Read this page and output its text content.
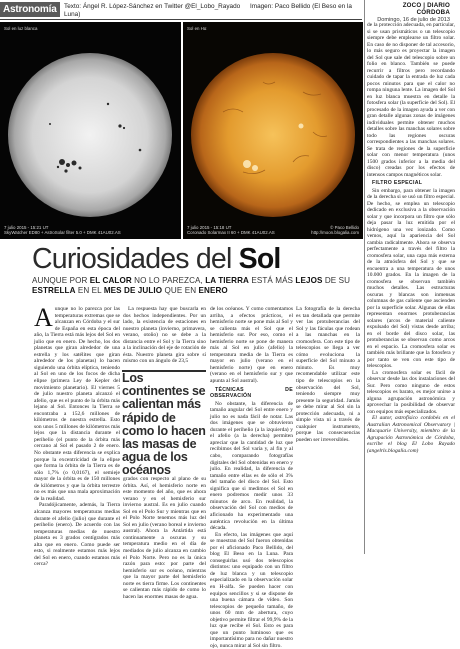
Astronomía	Texto: Ángel R. López-Sánchez en Twitter @El_Lobo_Rayado Imagen: Paco Bellido (El Beso en la Luna)
ZOCO | DIARIO CÓRDOBA
Domingo, 16 de julio de 2013
Sol en luz blanca
7 julio 2015 - 15:21 UT
SkyWatcher ED80 + AstroSolar filter 5.0 + DMK 41AU02.AS
Sol en Hα
7 julio 2015 - 15:18 UT
Coronado Solarmax II 60 + DMK 41AU02.AS
© Paco Bellido
http://moon.blogalia.com
Curiosidades del Sol
AUNQUE POR EL CALOR NO LO PAREZCA, LA TIERRA ESTÁ MÁS LEJOS DE SU ESTRELLA EN EL MES DE JULIO QUE EN ENERO

Aunque no lo parezca por las temperaturas extremas que se alcanzan en Córdoba y el sur de España en esta época del año, la Tierra está más lejos del Sol en julio que en enero. De hecho, los dos planetas que giran alrededor de una estrella y los satélites que giran alrededor de los planetas) lo hacen siguiendo una órbita elíptica, teniendo al Sol en uno de los focos de dicha elipse (primera Ley de Kepler del movimiento planetario). El viernes 5 de julio nuestro planeta alcanzó el afelio, que es el punto de la órbita más lejano al Sol. Entonces la Tierra se encontraba a 152,6 millones de kilómetros de nuestra estrella. Esto son unos 5 millones de kilómetros más lejos que la distancia durante el perihelio (el punto de la órbita más cercano al Sol el pasado 2 de enero. No obstante esta diferencia se explica porque la excentricidad de la elipse que forma la órbita de la Tierra es de sólo 1,7% (o 0,0167), el semieje mayor de la órbita es de 150 millones de kilómetros y que la órbita terrestre no es más que una mala aproximación de la realidad.

Paradójicamente, además, la Tierra alcanza mayores temperaturas medias durante el afelio (julio) que durante el perihelio (enero). De acuerdo con las temperaturas medias de nuestro planeta es 3 grados centígrados más alta que en enero. Como puede ser esto, si realmente estamos más lejos del Sol en enero, cuando estamos más cerca?

La respuesta hay que buscarla en dos hechos independientes. Por un lado, la existencia de estaciones en nuestro planeta (invierno, primavera, verano, otoño) no se debe a la distancia entre el Sol y la Tierra sino a la inclinación del eje de rotación de ésta. Nuestro planeta gira sobre sí mismo con un ángulo de 23,5

Los continentes se calientan más rápido de como lo hacen las masas de agua de los océanos

grados con respecto al plano de su órbita. Así, el hemisferio norte en este momento del año, que es ahora verano y en el hemisferio sur invierno austral. Es en julio cuando Sol en el Polo Sur y mientras que en el Polo Norte tenemos más luz del Sol en julio (verano boreal e invierno austral). Ahora la Antártida está continuamente a oscuras y su temperatura medio en el día de mediados de julio alcanza en cambio el Polo Norte. Pero no es la única razón para esto: por parte del hemisferio sur es océano, mientras que la mayor parte del hemisferio norte es tierra firme. Los continentes se calientan más rápido de como lo hacen las enormes masas de agua.

de los océanos. Y como comentamos arriba, a efectos prácticos, el hemisferio norte se pone más al Sol y se calienta más el Sol que el hemisferio sur. Por eso, como el hemisferio norte se pone de manera más al Sol en julio (afelio) la temperatura media de la Tierra es mayor en julio (verano en el hemisferio norte) que en enero (verano en el hemisferio sur y que apunta al Sol austral).

TÉCNICAS DE OBSERVACIÓN

No obstante, la diferencia de tamaño angular del Sol entre enero y julio no es nada fácil de notar. Las dos imágenes que se obtuvieron durante el perihelio (a la izquierda) y el afelio (a la derecha) permiten apreciar que la cantidad de luz que recibimos del Sol varía y, al fin y al cabo, comparando fotografías digitales del Sol obtenidas en enero y julio. En realidad, la diferencia de tamaño entre ellas es de sólo el 3% del tamaño del disco del Sol. Esto significa que si medimos el Sol en enero podremos medir unos 33 minutos de arco. En realidad, la observación del Sol con medios de aficionado ha experimentado una auténtica revolución en la última década.

En efecto, las imágenes que aquí se muestran del Sol fueron obtenidas por el aficionado Paco Bellido, del blog El Beso en la Luna. Para conseguirlas usó dos telescopios distintos: uno equipado con un filtro de luz blanca y un telescopio especializado en la observación solar en H-alfa. Se pueden hacer con equipos sencillos y si se dispone de una buena cámara de vídeo. Son telescopios de pequeño tamaño, de unos 60 mm de abertura, cuyo objetivo permite filtrar el 99,9% de la luz que recibe el Sol. Esto es para que un punto luminoso que es importantísimo para no dañar nuestro ojo, nunca mirar al Sol sin filtro.

La fotografía de la derecha es tan detallada que permite ver las protuberancias del Sol y las fáculas que rodean a las manchas en la cromosfera. Con este tipo de telescopios se llega a ver cómo evoluciona la superficie del Sol minuto a minuto. Es muy recomendable utilizar este tipo de telescopios en la observación del Sol, teniendo siempre muy presente la seguridad. Jamás se debe mirar al Sol sin la protección adecuada, ni a simple vista ni a través de cualquier instrumento, porque las consecuencias pueden ser irreversibles.

de la protección adecuada, en particular, si se usan prismáticos o un telescopio siempre debe emplearse un filtro solar. En caso de no disponer de tal accesorio, lo más seguro es proyectar la imagen del Sol que sale del telescopio sobre un folio en blanco. También se puede recurrir a filtros pero recordando cuidado de tapar la entrada de luz cada pocos minutos para que el calor no rompa ninguna lente. La imagen del Sol en luz blanca muestra en detalle la fotosfera solar (la superficie del Sol). El procesado de la imagen ayuda a ver con gran detalle algunas zonas de imágenes individuales permite obtener muchos detalles sobre las manchas solares sobre todo las regiones oscuras correspondientes a las manchas solares. Se trata de regiones de la superficie solar con menor temperatura (unos 1500 grados inferior a la media del disco) creadas por los efectos de intensos campos magnéticos solar.

FILTRO ESPECIAL

Sin embargo, para obtener la imagen de la derecha si se usó un filtro especial. De hecho, se emplea un telescopio dedicado en exclusiva a la observación solar y que incorpora un filtro que sólo deja pasar la luz emitida por el hidrógeno una vez ionizado. Como vemos, aquí la apariencia del Sol cambia radicalmente. Ahora se observa perfectamente a través del filtro la cromosfera solar, una capa más externa de la atmósfera del Sol y que se encuentra a una temperatura de unos 10.000 grados. En la imagen de la cromosfera se observan también muchos detalles. Las estructuras oscuras y blancas son inmensas columnas de gas caliente que ascienden por la superficie solar. Algunas de ellas representan enormes protuberancias solares (arcos de material caliente expulsado del Sol) vistas desde arriba; en el borde del disco solar, las protuberancias se observan como arcos en el espacio. La cromosfera solar es también más brillante que la fotosfera y por tanto se ven con este tipo de telescopios.

La cromosfera solar es fácil de observar desde las dos instalaciones del Sur. Pero como ninguno de estos telescopios es barato, es mejor unirse a alguna agrupación astronómica y aprovechar la posibilidad de observar con equipos más especializados.

El autor, astrofísico cordobés en el Australian Astronomical Observatory | Macquarie University, miembro de la Agrupación Astronómica de Córdoba, escribe el blog El Lobo Rayado (angelrls.blogalia.com)
